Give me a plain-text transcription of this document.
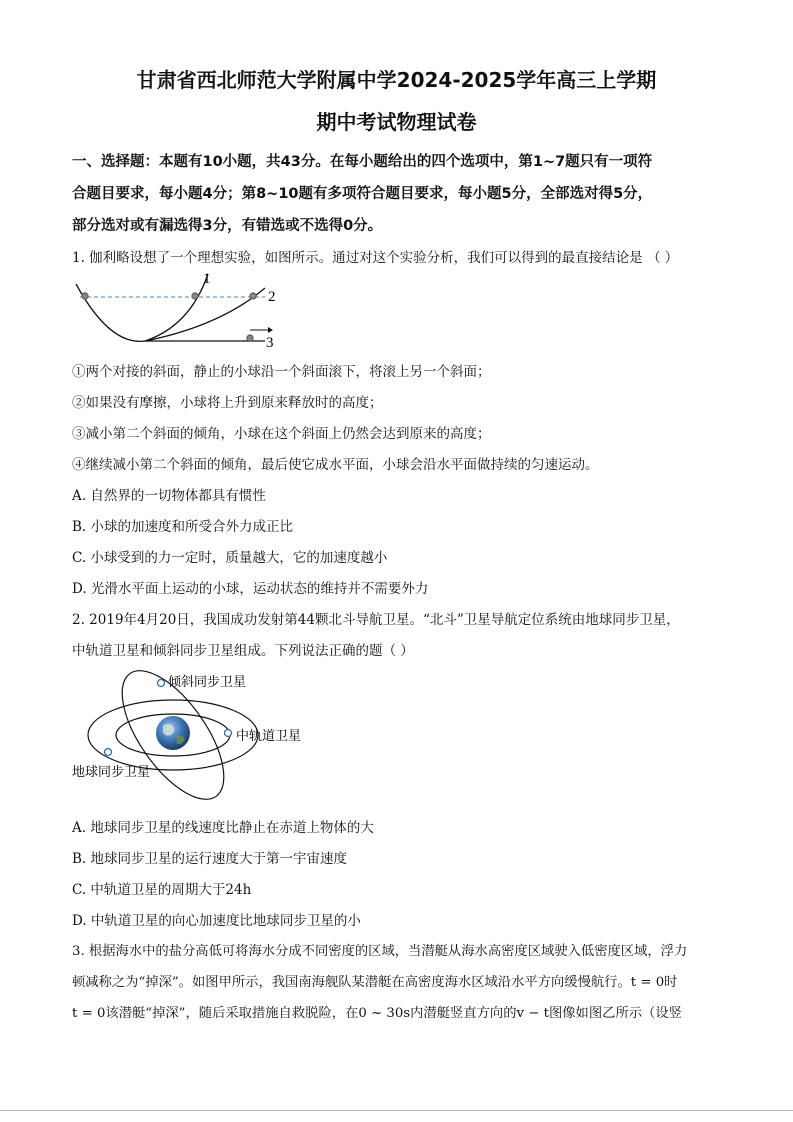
甘肃省西北师范大学附属中学2024-2025学年高三上学期
期中考试物理试卷
一、选择题：本题有10小题，共43分。在每小题给出的四个选项中，第1~7题只有一项符
合题目要求，每小题4分；第8~10题有多项符合题目要求，每小题5分，全部选对得5分，
部分选对或有漏选得3分，有错选或不选得0分。
1. 伽利略设想了一个理想实验，如图所示。通过对这个实验分析，我们可以得到的最直接结论是 （ ）
1
2
3
①两个对接的斜面，静止的小球沿一个斜面滚下，将滚上另一个斜面；
②如果没有摩擦，小球将上升到原来释放时的高度；
③减小第二个斜面的倾角，小球在这个斜面上仍然会达到原来的高度；
④继续减小第二个斜面的倾角，最后使它成水平面，小球会沿水平面做持续的匀速运动。
A. 自然界的一切物体都具有惯性
B. 小球的加速度和所受合外力成正比
C. 小球受到的力一定时，质量越大，它的加速度越小
D. 光滑水平面上运动的小球，运动状态的维持并不需要外力
2. 2019年4月20日，我国成功发射第44颗北斗导航卫星。“北斗”卫星导航定位系统由地球同步卫星，
中轨道卫星和倾斜同步卫星组成。下列说法正确的题（ ）
倾斜同步卫星
中轨道卫星
地球同步卫星
A. 地球同步卫星的线速度比静止在赤道上物体的大
B. 地球同步卫星的运行速度大于第一宇宙速度
C. 中轨道卫星的周期大于24h
D. 中轨道卫星的向心加速度比地球同步卫星的小
3. 根据海水中的盐分高低可将海水分成不同密度的区域，当潜艇从海水高密度区域驶入低密度区域，浮力
顿减称之为“掉深”。如图甲所示，我国南海舰队某潜艇在高密度海水区域沿水平方向缓慢航行。t = 0时
t = 0该潜艇“掉深”，随后采取措施自救脱险，在0 ~ 30s内潜艇竖直方向的v − t图像如图乙所示（设竖
